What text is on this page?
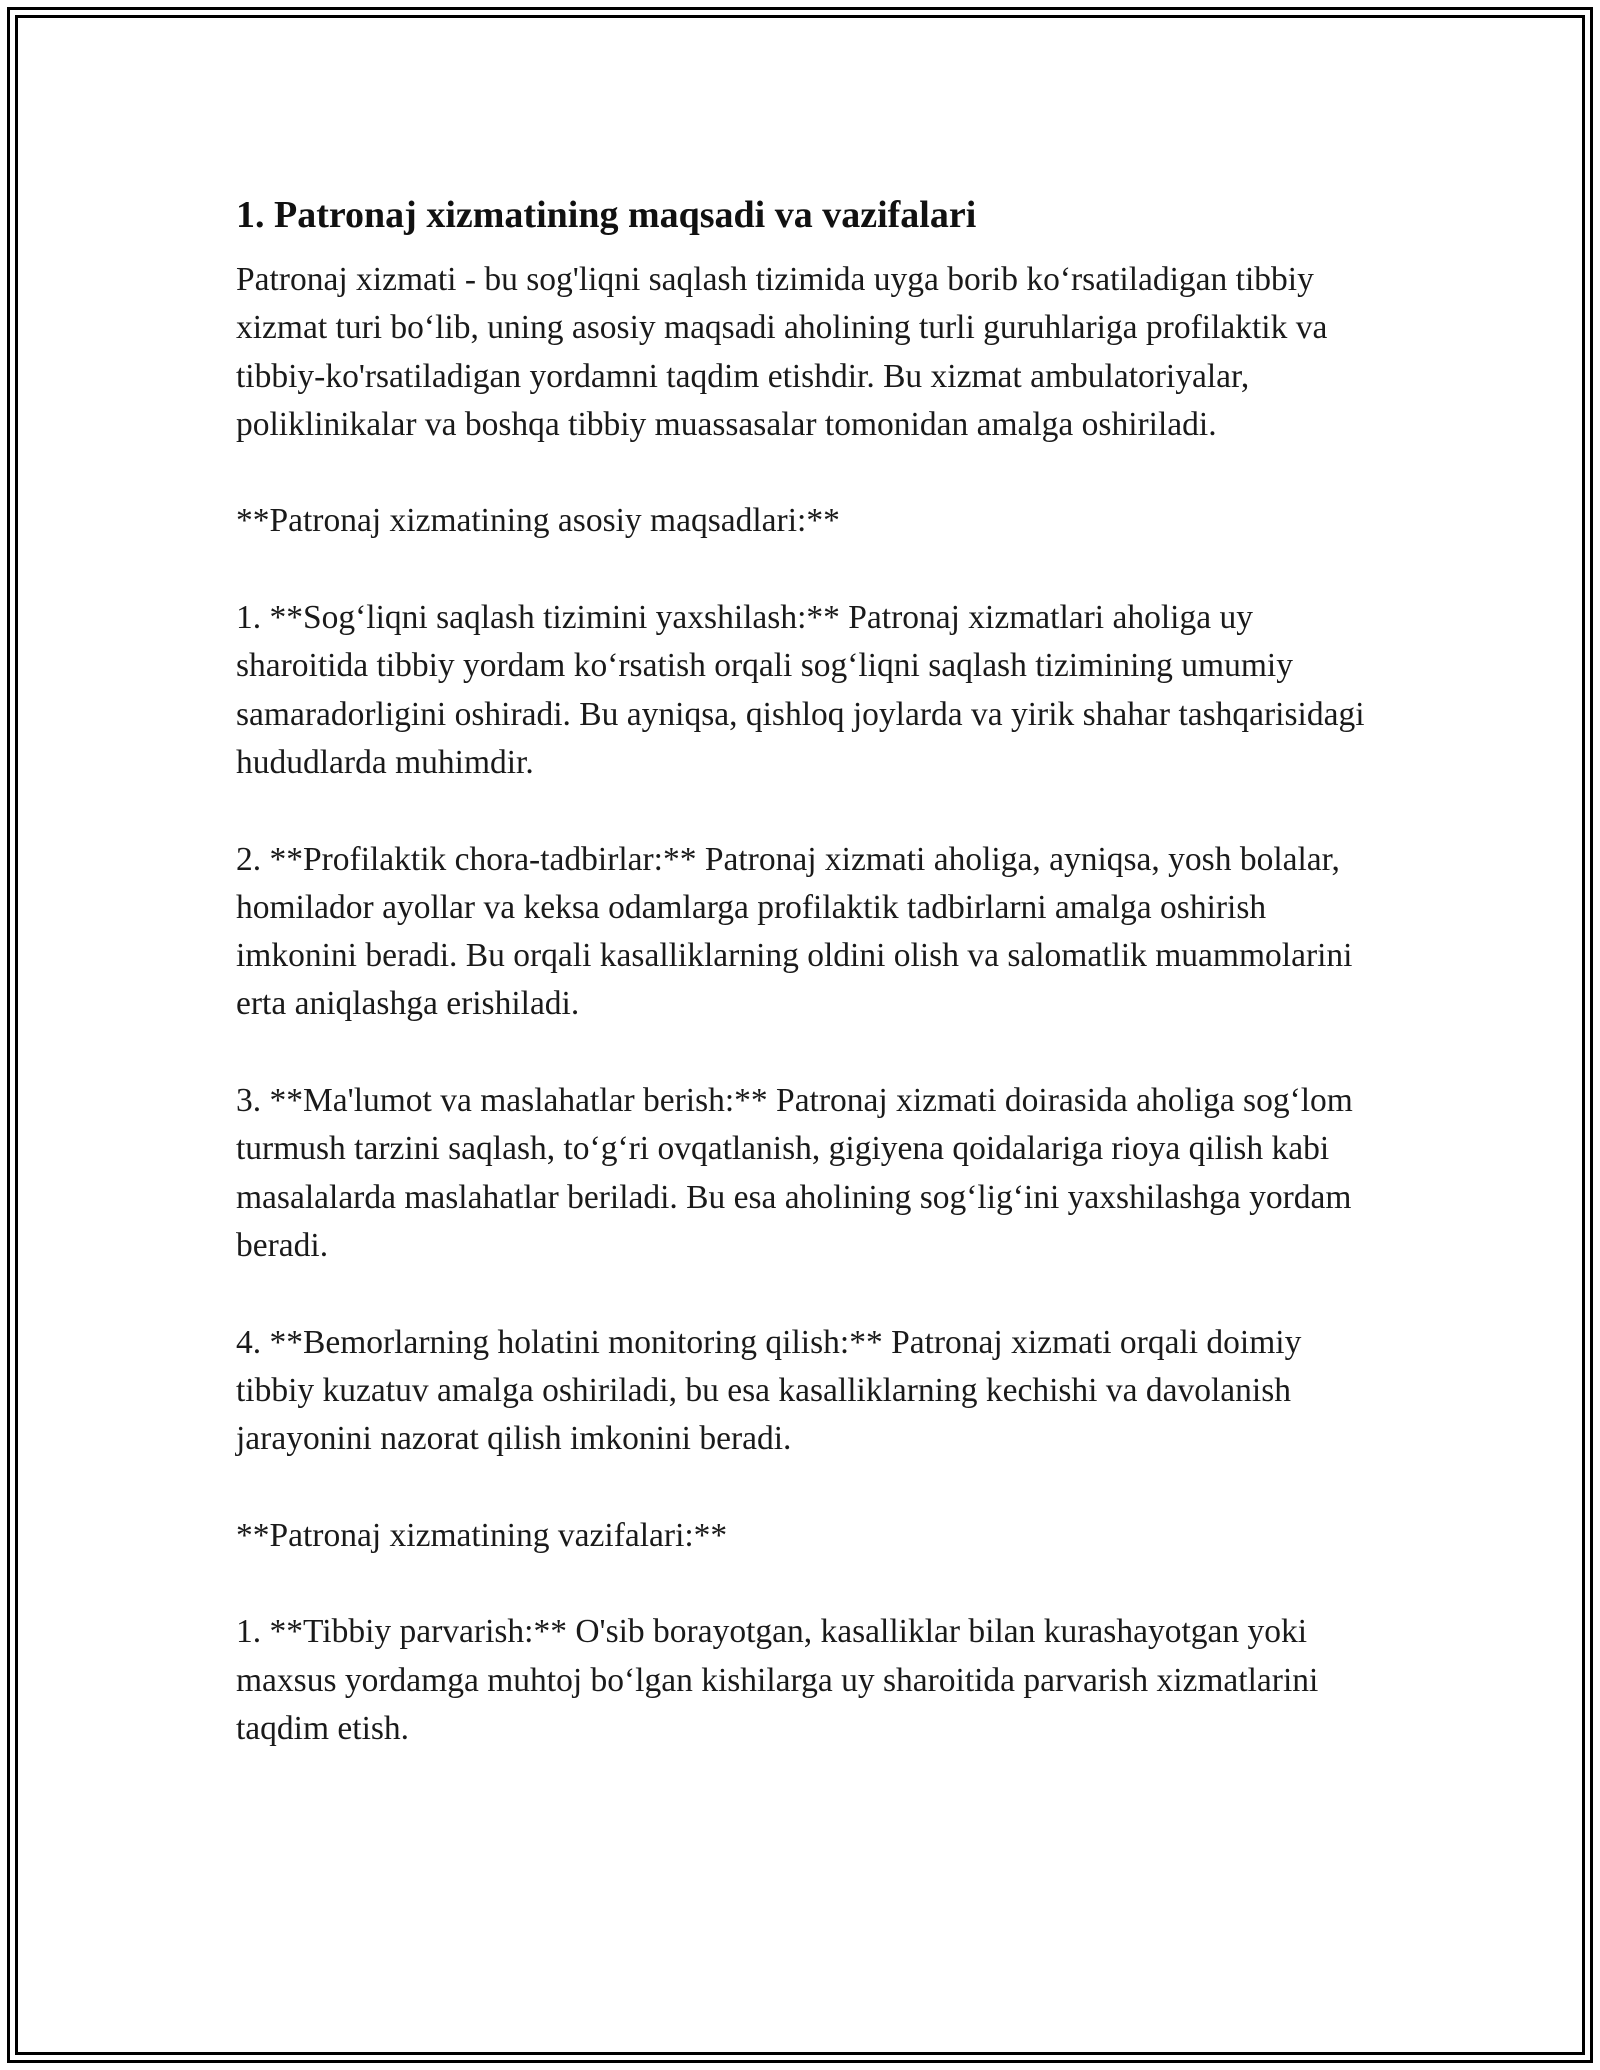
1. Patronaj xizmatining maqsadi va vazifalari

Patronaj xizmati - bu sog'liqni saqlash tizimida uyga borib ko‘rsatiladigan tibbiy xizmat turi bo‘lib, uning asosiy maqsadi aholining turli guruhlariga profilaktik va tibbiy-ko'rsatiladigan yordamni taqdim etishdir. Bu xizmat ambulatoriyalar, poliklinikalar va boshqa tibbiy muassasalar tomonidan amalga oshiriladi.

**Patronaj xizmatining asosiy maqsadlari:**

1. **Sog‘liqni saqlash tizimini yaxshilash:** Patronaj xizmatlari aholiga uy sharoitida tibbiy yordam ko‘rsatish orqali sog‘liqni saqlash tizimining umumiy samaradorligini oshiradi. Bu ayniqsa, qishloq joylarda va yirik shahar tashqarisidagi hududlarda muhimdir.

2. **Profilaktik chora-tadbirlar:** Patronaj xizmati aholiga, ayniqsa, yosh bolalar, homilador ayollar va keksa odamlarga profilaktik tadbirlarni amalga oshirish imkonini beradi. Bu orqali kasalliklarning oldini olish va salomatlik muammolarini erta aniqlashga erishiladi.

3. **Ma'lumot va maslahatlar berish:** Patronaj xizmati doirasida aholiga sog‘lom turmush tarzini saqlash, to‘g‘ri ovqatlanish, gigiyena qoidalariga rioya qilish kabi masalalarda maslahatlar beriladi. Bu esa aholining sog‘lig‘ini yaxshilashga yordam beradi.

4. **Bemorlarning holatini monitoring qilish:** Patronaj xizmati orqali doimiy tibbiy kuzatuv amalga oshiriladi, bu esa kasalliklarning kechishi va davolanish jarayonini nazorat qilish imkonini beradi.

**Patronaj xizmatining vazifalari:**

1. **Tibbiy parvarish:** O'sib borayotgan, kasalliklar bilan kurashayotgan yoki maxsus yordamga muhtoj bo‘lgan kishilarga uy sharoitida parvarish xizmatlarini taqdim etish.
